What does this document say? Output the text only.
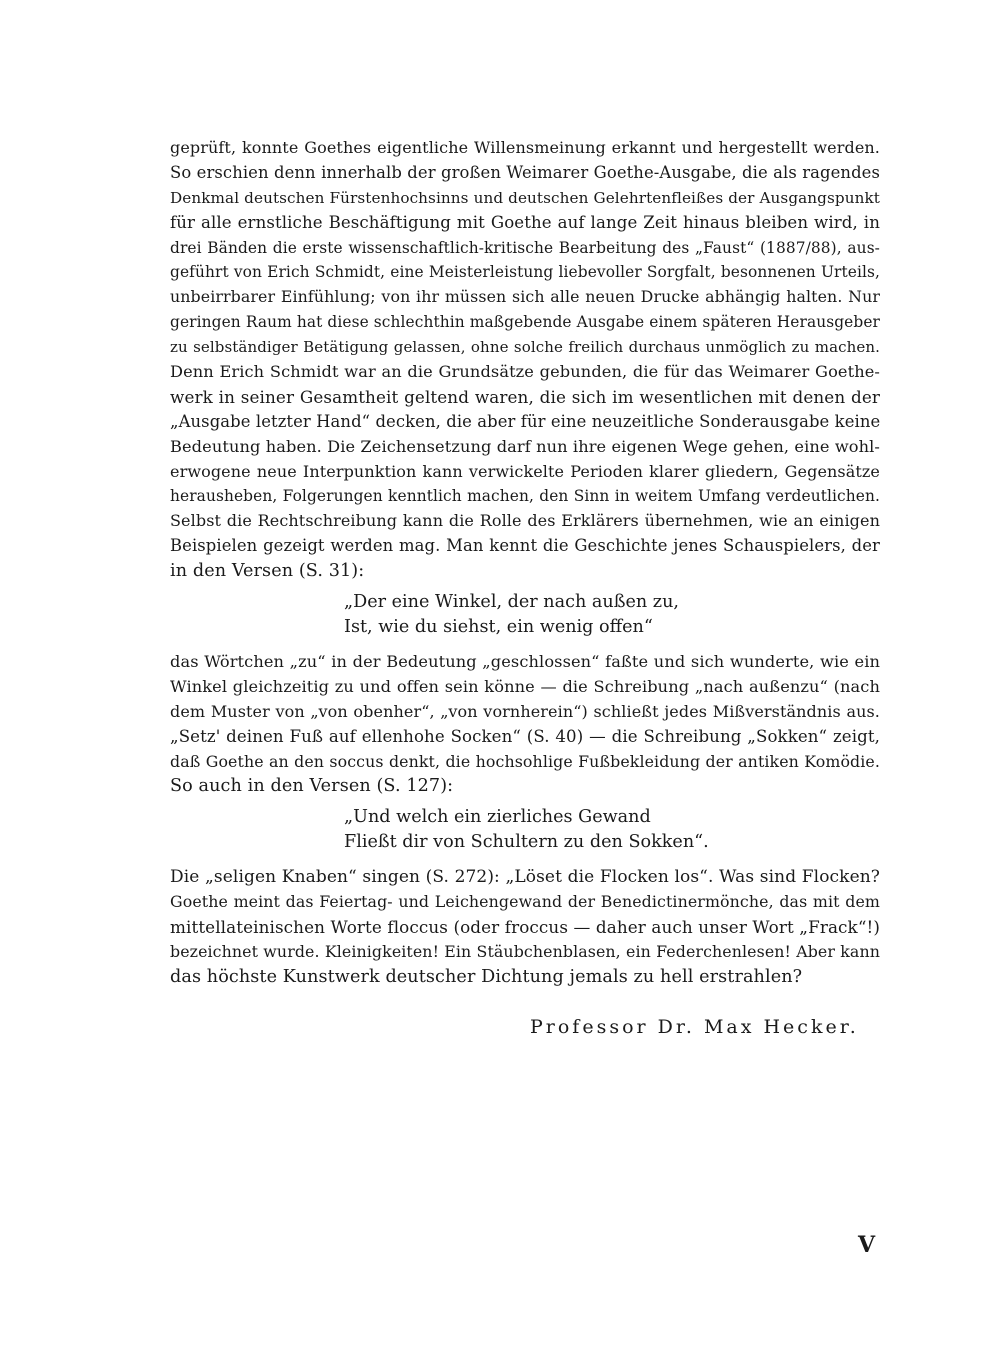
geprüft, konnte Goethes eigentliche Willensmeinung erkannt und hergestellt werden.
So erschien denn innerhalb der großen Weimarer Goethe-Ausgabe, die als ragendes
Denkmal deutschen Fürstenhochsinns und deutschen Gelehrtenfleißes der Ausgangspunkt
für alle ernstliche Beschäftigung mit Goethe auf lange Zeit hinaus bleiben wird, in
drei Bänden die erste wissenschaftlich-kritische Bearbeitung des „Faust“ (1887/88), aus-
geführt von Erich Schmidt, eine Meisterleistung liebevoller Sorgfalt, besonnenen Urteils,
unbeirrbarer Einfühlung; von ihr müssen sich alle neuen Drucke abhängig halten. Nur
geringen Raum hat diese schlechthin maßgebende Ausgabe einem späteren Herausgeber
zu selbständiger Betätigung gelassen, ohne solche freilich durchaus unmöglich zu machen.
Denn Erich Schmidt war an die Grundsätze gebunden, die für das Weimarer Goethe-
werk in seiner Gesamtheit geltend waren, die sich im wesentlichen mit denen der
„Ausgabe letzter Hand“ decken, die aber für eine neuzeitliche Sonderausgabe keine
Bedeutung haben. Die Zeichensetzung darf nun ihre eigenen Wege gehen, eine wohl-
erwogene neue Interpunktion kann verwickelte Perioden klarer gliedern, Gegensätze
herausheben, Folgerungen kenntlich machen, den Sinn in weitem Umfang verdeutlichen.
Selbst die Rechtschreibung kann die Rolle des Erklärers übernehmen, wie an einigen
Beispielen gezeigt werden mag. Man kennt die Geschichte jenes Schauspielers, der
in den Versen (S. 31):
„Der eine Winkel, der nach außen zu,
Ist, wie du siehst, ein wenig offen“
das Wörtchen „zu“ in der Bedeutung „geschlossen“ faßte und sich wunderte, wie ein
Winkel gleichzeitig zu und offen sein könne — die Schreibung „nach außenzu“ (nach
dem Muster von „von obenher“, „von vornherein“) schließt jedes Mißverständnis aus.
„Setz' deinen Fuß auf ellenhohe Socken“ (S. 40) — die Schreibung „Sokken“ zeigt,
daß Goethe an den soccus denkt, die hochsohlige Fußbekleidung der antiken Komödie.
So auch in den Versen (S. 127):
„Und welch ein zierliches Gewand
Fließt dir von Schultern zu den Sokken“.
Die „seligen Knaben“ singen (S. 272): „Löset die Flocken los“. Was sind Flocken?
Goethe meint das Feiertag- und Leichengewand der Benedictinermönche, das mit dem
mittellateinischen Worte floccus (oder froccus — daher auch unser Wort „Frack“!)
bezeichnet wurde. Kleinigkeiten! Ein Stäubchenblasen, ein Federchenlesen! Aber kann
das höchste Kunstwerk deutscher Dichtung jemals zu hell erstrahlen?
Professor Dr. Max Hecker.
V
